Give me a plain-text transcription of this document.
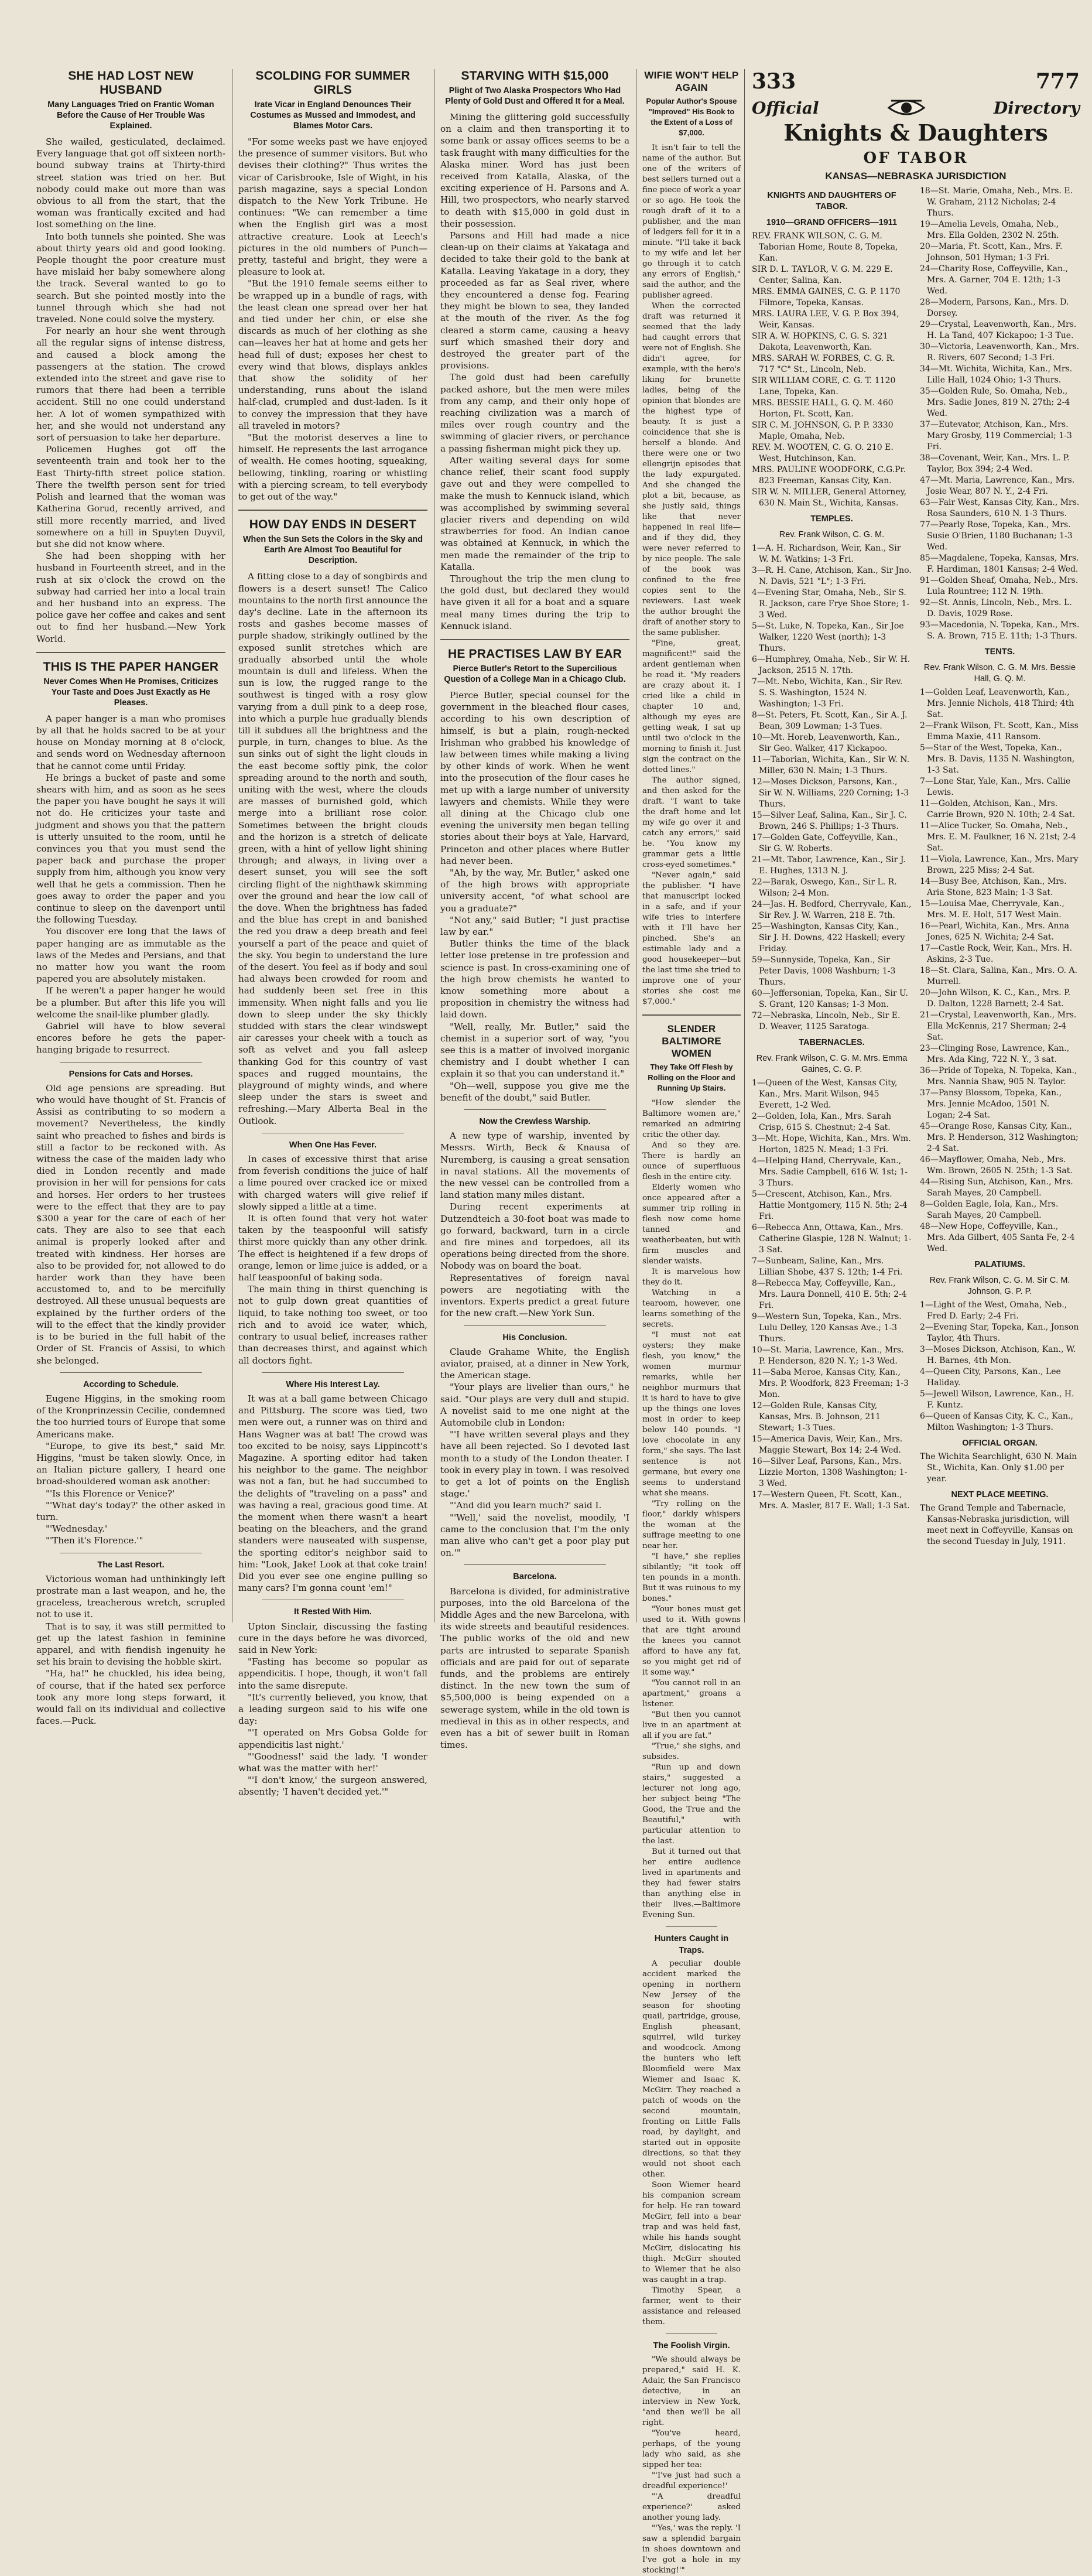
SHE HAD LOST NEW HUSBAND
Many Languages Tried on Frantic Woman Before the Cause of Her Trouble Was Explained.

She wailed, gesticulated, declaimed. Every language that got off sixteen north-bound subway trains at Thirty-third street station was tried on her. But nobody could make out more than was obvious to all from the start, that the woman was frantically excited and had lost something on the line.

Into both tunnels she pointed. She was about thirty years old and good looking. People thought the poor creature must have mislaid her baby somewhere along the track. Several wanted to go to search. But she pointed mostly into the tunnel through which she had not traveled. None could solve the mystery.

For nearly an hour she went through all the regular signs of intense distress, and caused a block among the passengers at the station. The crowd extended into the street and gave rise to rumors that there had been a terrible accident. Still no one could understand her. A lot of women sympathized with her, and she would not understand any sort of persuasion to take her departure.

Policemen Hughes got off the seventeenth train and took her to the East Thirty-fifth street police station. There the twelfth person sent for tried Polish and learned that the woman was Katherina Gorud, recently arrived, and still more recently married, and lived somewhere on a hill in Spuyten Duyvil, but she did not know where.

She had been shopping with her husband in Fourteenth street, and in the rush at six o'clock the crowd on the subway had carried her into a local train and her husband into an express. The police gave her coffee and cakes and sent out to find her husband.—New York World.

THIS IS THE PAPER HANGER
Never Comes When He Promises, Criticizes Your Taste and Does Just Exactly as He Pleases.

A paper hanger is a man who promises by all that he holds sacred to be at your house on Monday morning at 8 o'clock, and sends word on Wednesday afternoon that he cannot come until Friday.

He brings a bucket of paste and some shears with him, and as soon as he sees the paper you have bought he says it will not do. He criticizes your taste and judgment and shows you that the pattern is utterly unsuited to the room, until he convinces you that you must send the paper back and purchase the proper supply from him, although you know very well that he gets a commission. Then he goes away to order the paper and you continue to sleep on the davenport until the following Tuesday.

You discover ere long that the laws of paper hanging are as immutable as the laws of the Medes and Persians, and that no matter how you want the room papered you are absolutely mistaken.

If he weren't a paper hanger he would be a plumber. But after this life you will welcome the snail-like plumber gladly.

Gabriel will have to blow several encores before he gets the paper-hanging brigade to resurrect.

Pensions for Cats and Horses.

Old age pensions are spreading. But who would have thought of St. Francis of Assisi as contributing to so modern a movement? Nevertheless, the kindly saint who preached to fishes and birds is still a factor to be reckoned with. As witness the case of the maiden lady who died in London recently and made provision in her will for pensions for cats and horses. Her orders to her trustees were to the effect that they are to pay $300 a year for the care of each of her cats. They are also to see that each animal is properly looked after and treated with kindness. Her horses are also to be provided for, not allowed to do harder work than they have been accustomed to, and to be mercifully destroyed. All these unusual bequests are explained by the further orders of the will to the effect that the kindly provider is to be buried in the full habit of the Order of St. Francis of Assisi, to which she belonged.

According to Schedule.

Eugene Higgins, in the smoking room of the Kronprinzessin Cecilie, condemned the too hurried tours of Europe that some Americans make.

"Europe, to give its best," said Mr. Higgins, "must be taken slowly. Once, in an Italian picture gallery, I heard one broad-shouldered woman ask another:

"'Is this Florence or Venice?'

"'What day's today?' the other asked in turn.

"'Wednesday.'

"'Then it's Florence.'"

The Last Resort.

Victorious woman had unthinkingly left prostrate man a last weapon, and he, the graceless, treacherous wretch, scrupled not to use it.

That is to say, it was still permitted to get up the latest fashion in feminine apparel, and with fiendish ingenuity he set his brain to devising the hobble skirt.

"Ha, ha!" he chuckled, his idea being, of course, that if the hated sex perforce took any more long steps forward, it would fall on its individual and collective faces.—Puck.

SCOLDING FOR SUMMER GIRLS
Irate Vicar in England Denounces Their Costumes as Mussed and Immodest, and Blames Motor Cars.

"For some weeks past we have enjoyed the presence of summer visitors. But who devises their clothing?" Thus writes the vicar of Carisbrooke, Isle of Wight, in his parish magazine, says a special London dispatch to the New York Tribune. He continues: "We can remember a time when the English girl was a most attractive creature. Look at Leech's pictures in the old numbers of Punch—pretty, tasteful and bright, they were a pleasure to look at.

"But the 1910 female seems either to be wrapped up in a bundle of rags, with the least clean one spread over her hat and tied under her chin, or else she discards as much of her clothing as she can—leaves her hat at home and gets her head full of dust; exposes her chest to every wind that blows, displays ankles that show the solidity of her understanding, runs about the island half-clad, crumpled and dust-laden. Is it to convey the impression that they have all traveled in motors?

"But the motorist deserves a line to himself. He represents the last arrogance of wealth. He comes hooting, squeaking, bellowing, tinkling, roaring or whistling with a piercing scream, to tell everybody to get out of the way."

HOW DAY ENDS IN DESERT
When the Sun Sets the Colors in the Sky and Earth Are Almost Too Beautiful for Description.

A fitting close to a day of songbirds and flowers is a desert sunset! The Calico mountains to the north first announce the day's decline. Late in the afternoon its rosts and gashes become masses of purple shadow, strikingly outlined by the exposed sunlit stretches which are gradually absorbed until the whole mountain is dull and lifeless. When the sun is low, the rugged range to the southwest is tinged with a rosy glow varying from a dull pink to a deep rose, into which a purple hue gradually blends till it subdues all the brightness and the purple, in turn, changes to blue. As the sun sinks out of sight the light clouds in the east become softly pink, the color spreading around to the north and south, uniting with the west, where the clouds are masses of burnished gold, which merge into a brilliant rose color. Sometimes between the bright clouds and the horizon is a stretch of delicate green, with a hint of yellow light shining through; and always, in living over a desert sunset, you will see the soft circling flight of the nighthawk skimming over the ground and hear the low call of the dove. When the brightness has faded and the blue has crept in and banished the red you draw a deep breath and feel yourself a part of the peace and quiet of the sky. You begin to understand the lure of the desert. You feel as if body and soul had always been crowded for room and had suddenly been set free in this immensity. When night falls and you lie down to sleep under the sky thickly studded with stars the clear windswept air caresses your cheek with a touch as soft as velvet and you fall asleep thanking God for this country of vast spaces and rugged mountains, the playground of mighty winds, and where sleep under the stars is sweet and refreshing.—Mary Alberta Beal in the Outlook.

When One Has Fever.

In cases of excessive thirst that arise from feverish conditions the juice of half a lime poured over cracked ice or mixed with charged waters will give relief if slowly sipped a little at a time.

It is often found that very hot water taken by the teaspoonful will satisfy thirst more quickly than any other drink. The effect is heightened if a few drops of orange, lemon or lime juice is added, or a half teaspoonful of baking soda.

The main thing in thirst quenching is not to gulp down great quantities of liquid, to take nothing too sweet, or too rich and to avoid ice water, which, contrary to usual belief, increases rather than decreases thirst, and against which all doctors fight.

Where His Interest Lay.

It was at a ball game between Chicago and Pittsburg. The score was tied, two men were out, a runner was on third and Hans Wagner was at bat! The crowd was too excited to be noisy, says Lippincott's Magazine. A sporting editor had taken his neighbor to the game. The neighbor was not a fan, but he had succumbed to the delights of "traveling on a pass" and was having a real, gracious good time. At the moment when there wasn't a heart beating on the bleachers, and the grand standers were nauseated with suspense, the sporting editor's neighbor said to him: "Look, Jake! Look at that coke train! Did you ever see one engine pulling so many cars? I'm gonna count 'em!"

It Rested With Him.

Upton Sinclair, discussing the fasting cure in the days before he was divorced, said in New York:

"Fasting has become so popular as appendicitis. I hope, though, it won't fall into the same disrepute.

"It's currently believed, you know, that a leading surgeon said to his wife one day:

"'I operated on Mrs Gobsa Golde for appendicitis last night.'

"'Goodness!' said the lady. 'I wonder what was the matter with her!'

"'I don't know,' the surgeon answered, absently; 'I haven't decided yet.'"

STARVING WITH $15,000
Plight of Two Alaska Prospectors Who Had Plenty of Gold Dust and Offered It for a Meal.

Mining the glittering gold successfully on a claim and then transporting it to some bank or assay offices seems to be a task fraught with many difficulties for the Alaska miner. Word has just been received from Katalla, Alaska, of the exciting experience of H. Parsons and A. Hill, two prospectors, who nearly starved to death with $15,000 in gold dust in their possession.

Parsons and Hill had made a nice clean-up on their claims at Yakataga and decided to take their gold to the bank at Katalla. Leaving Yakatage in a dory, they proceeded as far as Seal river, where they encountered a dense fog. Fearing they might be blown to sea, they landed at the mouth of the river. As the fog cleared a storm came, causing a heavy surf which smashed their dory and destroyed the greater part of the provisions.

The gold dust had been carefully packed ashore, but the men were miles from any camp, and their only hope of reaching civilization was a march of miles over rough country and the swimming of glacier rivers, or perchance a passing fisherman might pick they up.

After waiting several days for some chance relief, their scant food supply gave out and they were compelled to make the mush to Kennuck island, which was accomplished by swimming several glacier rivers and depending on wild strawberries for food. An Indian canoe was obtained at Kennuck, in which the men made the remainder of the trip to Katalla.

Throughout the trip the men clung to the gold dust, but declared they would have given it all for a boat and a square meal many times during the trip to Kennuck island.

HE PRACTISES LAW BY EAR
Pierce Butler's Retort to the Supercilious Question of a College Man in a Chicago Club.

Pierce Butler, special counsel for the government in the bleached flour cases, according to his own description of himself, is but a plain, rough-necked Irishman who grabbed his knowledge of law between times while making a living by other kinds of work. When he went into the prosecution of the flour cases he met up with a large number of university lawyers and chemists. While they were all dining at the Chicago club one evening the university men began telling stories about their boys at Yale, Harvard, Princeton and other places where Butler had never been.

"Ah, by the way, Mr. Butler," asked one of the high brows with appropriate university accent, "of what school are you a graduate?"

"Not any," said Butler; "I just practise law by ear."

Butler thinks the time of the black letter lose pretense in tre profession and science is past. In cross-examining one of the high brow chemists he wanted to know something more about a proposition in chemistry the witness had laid down.

"Well, really, Mr. Butler," said the chemist in a superior sort of way, "you see this is a matter of involved inorganic chemistry and I doubt whether I can explain it so that you can understand it."

"Oh—well, suppose you give me the benefit of the doubt," said Butler.

Now the Crewless Warship.

A new type of warship, invented by Messrs. Wirth, Beck & Knausa of Nuremberg, is causing a great sensation in naval stations. All the movements of the new vessel can be controlled from a land station many miles distant.

During recent experiments at Dutzendteich a 30-foot boat was made to go forward, backward, turn in a circle and fire mines and torpedoes, all its operations being directed from the shore. Nobody was on board the boat.

Representatives of foreign naval powers are negotiating with the inventors. Experts predict a great future for the new craft.—New York Sun.

His Conclusion.

Claude Grahame White, the English aviator, praised, at a dinner in New York, the American stage.

"Your plays are livelier than ours," he said. "Our plays are very dull and stupid. A novelist said to me one night at the Automobile club in London:

"'I have written several plays and they have all been rejected. So I devoted last month to a study of the London theater. I took in every play in town. I was resolved to get a lot of points on the English stage.'

"'And did you learn much?' said I.

"'Well,' said the novelist, moodily, 'I came to the conclusion that I'm the only man alive who can't get a poor play put on.'"

Barcelona.

Barcelona is divided, for administrative purposes, into the old Barcelona of the Middle Ages and the new Barcelona, with its wide streets and beautiful residences. The public works of the old and new parts are intrusted to separate Spanish officials and are paid for out of separate funds, and the problems are entirely distinct. In the new town the sum of $5,500,000 is being expended on a sewerage system, while in the old town is medieval in this as in other respects, and even has a bit of sewer built in Roman times.

WIFIE WON'T HELP AGAIN
Popular Author's Spouse "Improved" His Book to the Extent of a Loss of $7,000.

It isn't fair to tell the name of the author. But one of the writers of best sellers turned out a fine piece of work a year or so ago. He took the rough draft of it to a publisher, and the man of ledgers fell for it in a minute. "I'll take it back to my wife and let her go through it to catch any errors of English," said the author, and the publisher agreed.

When the corrected draft was returned it seemed that the lady had caught errors that were not of English. She didn't agree, for example, with the hero's liking for brunette ladies, being of the opinion that blondes are the highest type of beauty. It is just a coincidence that she is herself a blonde. And there were one or two ellengrijn episodes that the lady expurgated. And she changed the plot a bit, because, as she justly said, things like that never happened in real life—and if they did, they were never referred to by nice people. The sale of the book was confined to the free copies sent to the reviewers. Last week the author brought the draft of another story to the same publisher.

"Fine, great, magnificent!" said the ardent gentleman when he read it. "My readers are crazy about it. I cried like a child in chapter 10 and, although my eyes are getting weak, I sat up until two o'clock in the morning to finish it. Just sign the contract on the dotted lines."

The author signed, and then asked for the draft. "I want to take the draft home and let my wife go over it and catch any errors," said he. "You know my grammar gets a little cross-eyed sometimes."

"Never again," said the publisher. "I have that manuscript locked in a safe, and if your wife tries to interfere with it I'll have her pinched. She's an estimable lady and a good housekeeper—but the last time she tried to improve one of your stories she cost me $7,000."

SLENDER BALTIMORE WOMEN
They Take Off Flesh by Rolling on the Floor and Running Up Stairs.

"How slender the Baltimore women are," remarked an admiring critic the other day.

And so they are. There is hardly an ounce of superfluous flesh in the entire city.

Elderly women who once appeared after a summer trip rolling in flesh now come home tanned and weatherbeaten, but with firm muscles and slender waists.

It is marvelous how they do it.

Watching in a tearoom, however, one learns something of the secrets.

"I must not eat oysters; they make flesh, you know," the women murmur remarks, while her neighbor murmurs that it is hard to have to give up the things one loves most in order to keep below 140 pounds. "I love chocolate in any form," she says. The last sentence is not germane, but every one seems to understand what she means.

"Try rolling on the floor," darkly whispers the woman at the suffrage meeting to one near her.

"I have," she replies sibilantly; "it took off ten pounds in a month. But it was ruinous to my bones."

"Your bones must get used to it. With gowns that are tight around the knees you cannot afford to have any fat, so you might get rid of it some way."

"You cannot roll in an apartment," groans a listener.

"But then you cannot live in an apartment at all if you are fat."

"True," she sighs, and subsides.

"Run up and down stairs," suggested a lecturer not long ago, her subject being "The Good, the True and the Beautiful," with particular attention to the last.

But it turned out that her entire audience lived in apartments and they had fewer stairs than anything else in their lives.—Baltimore Evening Sun.

Hunters Caught in Traps.

A peculiar double accident marked the opening in northern New Jersey of the season for shooting quail, partridge, grouse, English pheasant, squirrel, wild turkey and woodcock. Among the hunters who left Bloomfield were Max Wiemer and Isaac K. McGirr. They reached a patch of woods on the second mountain, fronting on Little Falls road, by daylight, and started out in opposite directions, so that they would not shoot each other.

Soon Wiemer heard his companion scream for help. He ran toward McGirr, fell into a bear trap and was held fast, while his hands sought McGirr, dislocating his thigh. McGirr shouted to Wiemer that he also was caught in a trap.

Timothy Spear, a farmer, went to their assistance and released them.

The Foolish Virgin.

"We should always be prepared," said H. K. Adair, the San Francisco detective, in an interview in New York, "and then we'll be all right.

"You've heard, perhaps, of the young lady who said, as she sipped her tea:

"'I've just had such a dreadful experience!'

"'A dreadful experience?' asked another young lady.

"'Yes,' was the reply. 'I saw a splendid bargain in shoes downtown and I've got a hole in my stocking!'"

333	777
Official	Directory
Knights & Daughters
OF TABOR
KANSAS—NEBRASKA JURISDICTION
KNIGHTS AND DAUGHTERS OF TABOR.
1910—GRAND OFFICERS—1911
REV. FRANK WILSON, C. G. M. Taborian Home, Route 8, Topeka, Kan.
SIR D. L. TAYLOR, V. G. M. 229 E. Center, Salina, Kan.
MRS. EMMA GAINES, C. G. P. 1170 Filmore, Topeka, Kansas.
MRS. LAURA LEE, V. G. P. Box 394, Weir, Kansas.
SIR A. W. HOPKINS, C. G. S. 321 Dakota, Leavenworth, Kan.
MRS. SARAH W. FORBES, C. G. R. 717 "C" St., Lincoln, Neb.
SIR WILLIAM CORE, C. G. T. 1120 Lane, Topeka, Kan.
MRS. BESSIE HALL, G. Q. M. 460 Horton, Ft. Scott, Kan.
SIR C. M. JOHNSON, G. P. P. 3330 Maple, Omaha, Neb.
REV. M. WOOTEN, C. G. O. 210 E. West, Hutchinson, Kan.
MRS. PAULINE WOODFORK, C.G.Pr. 823 Freeman, Kansas City, Kan.
SIR W. N. MILLER, General Attorney, 630 N. Main St., Wichita, Kansas.
TEMPLES.
Rev. Frank Wilson, C. G. M.
1—A. H. Richardson, Weir, Kan., Sir W. M. Watkins; 1-3 Fri.
3—R. H. Cane, Atchison, Kan., Sir Jno. N. Davis, 521 "L"; 1-3 Fri.
4—Evening Star, Omaha, Neb., Sir S. R. Jackson, care Frye Shoe Store; 1-3 Wed.
5—St. Luke, N. Topeka, Kan., Sir Joe Walker, 1220 West (north); 1-3 Thurs.
6—Humphrey, Omaha, Neb., Sir W. H. Jackson, 2515 N. 17th.
7—Mt. Nebo, Wichita, Kan., Sir Rev. S. S. Washington, 1524 N. Washington; 1-3 Fri.
8—St. Peters, Ft. Scott, Kan., Sir A. J. Bean, 309 Lowman; 1-3 Tues.
10—Mt. Horeb, Leavenworth, Kan., Sir Geo. Walker, 417 Kickapoo.
11—Taborian, Wichita, Kan., Sir W. N. Miller, 630 N. Main; 1-3 Thurs.
12—Moses Dickson, Parsons, Kan., Sir W. N. Williams, 220 Corning; 1-3 Thurs.
15—Silver Leaf, Salina, Kan., Sir J. C. Brown, 246 S. Phillips; 1-3 Thurs.
17—Golden Gate, Coffeyville, Kan., Sir G. W. Roberts.
21—Mt. Tabor, Lawrence, Kan., Sir J. E. Hughes, 1313 N. J.
22—Barak, Oswego, Kan., Sir L. R. Wilson; 2-4 Mon.
24—Jas. H. Bedford, Cherryvale, Kan., Sir Rev. J. W. Warren, 218 E. 7th.
25—Washington, Kansas City, Kan., Sir J. H. Downs, 422 Haskell; every Friday.
59—Sunnyside, Topeka, Kan., Sir Peter Davis, 1008 Washburn; 1-3 Thurs.
60—Jeffersonian, Topeka, Kan., Sir U. S. Grant, 120 Kansas; 1-3 Mon.
72—Nebraska, Lincoln, Neb., Sir E. D. Weaver, 1125 Saratoga.
TABERNACLES.
Rev. Frank Wilson, C. G. M. Mrs. Emma Gaines, C. G. P.
1—Queen of the West, Kansas City, Kan., Mrs. Marit Wilson, 945 Everett, 1-2 Wed.
2—Golden, Iola, Kan., Mrs. Sarah Crisp, 615 S. Chestnut; 2-4 Sat.
3—Mt. Hope, Wichita, Kan., Mrs. Wm. Horton, 1825 N. Mead; 1-3 Fri.
4—Helping Hand, Cherryvale, Kan., Mrs. Sadie Campbell, 616 W. 1st; 1-3 Thurs.
5—Crescent, Atchison, Kan., Mrs. Hattie Montgomery, 115 N. 5th; 2-4 Fri.
6—Rebecca Ann, Ottawa, Kan., Mrs. Catherine Glaspie, 128 N. Walnut; 1-3 Sat.
7—Sunbeam, Saline, Kan., Mrs. Lillian Shobe, 437 S. 12th; 1-4 Fri.
8—Rebecca May, Coffeyville, Kan., Mrs. Laura Donnell, 410 E. 5th; 2-4 Fri.
9—Western Sun, Topeka, Kan., Mrs. Lulu Delley, 120 Kansas Ave.; 1-3 Thurs.
10—St. Maria, Lawrence, Kan., Mrs. P. Henderson, 820 N. Y.; 1-3 Wed.
11—Saba Meroe, Kansas City, Kan., Mrs. P. Woodfork, 823 Freeman; 1-3 Mon.
12—Golden Rule, Kansas City, Kansas, Mrs. B. Johnson, 211 Stewart; 1-3 Tues.
15—America Davis, Weir, Kan., Mrs. Maggie Stewart, Box 14; 2-4 Wed.
16—Silver Leaf, Parsons, Kan., Mrs. Lizzie Morton, 1308 Washington; 1-3 Wed.
17—Western Queen, Ft. Scott, Kan., Mrs. A. Masler, 817 E. Wall; 1-3 Sat.
18—St. Marie, Omaha, Neb., Mrs. E. W. Graham, 2112 Nicholas; 2-4 Thurs.
19—Amelia Levels, Omaha, Neb., Mrs. Ella Golden, 2302 N. 25th.
20—Maria, Ft. Scott, Kan., Mrs. F. Johnson, 501 Hyman; 1-3 Fri.
24—Charity Rose, Coffeyville, Kan., Mrs. A. Garner, 704 E. 12th; 1-3 Wed.
28—Modern, Parsons, Kan., Mrs. D. Dorsey.
29—Crystal, Leavenworth, Kan., Mrs. H. La Tand, 407 Kickapoo; 1-3 Tue.
30—Victoria, Leavenworth, Kan., Mrs. R. Rivers, 607 Second; 1-3 Fri.
34—Mt. Wichita, Wichita, Kan., Mrs. Lille Hall, 1024 Ohio; 1-3 Thurs.
35—Golden Rule, So. Omaha, Neb., Mrs. Sadie Jones, 819 N. 27th; 2-4 Wed.
37—Eutevator, Atchison, Kan., Mrs. Mary Grosby, 119 Commercial; 1-3 Fri.
38—Covenant, Weir, Kan., Mrs. L. P. Taylor, Box 394; 2-4 Wed.
47—Mt. Maria, Lawrence, Kan., Mrs. Josie Wear, 807 N. Y., 2-4 Fri.
63—Fair West, Kansas City, Kan., Mrs. Rosa Saunders, 610 N. 1-3 Thurs.
77—Pearly Rose, Topeka, Kan., Mrs. Susie O'Brien, 1180 Buchanan; 1-3 Wed.
85—Magdalene, Topeka, Kansas, Mrs. F. Hardiman, 1801 Kansas; 2-4 Wed.
91—Golden Sheaf, Omaha, Neb., Mrs. Lula Rountree; 112 N. 19th.
92—St. Annis, Lincoln, Neb., Mrs. L. D. Davis, 1029 Rose.
93—Macedonia, N. Topeka, Kan., Mrs. S. A. Brown, 715 E. 11th; 1-3 Thurs.
TENTS.
Rev. Frank Wilson, C. G. M. Mrs. Bessie Hall, G. Q. M.
1—Golden Leaf, Leavenworth, Kan., Mrs. Jennie Nichols, 418 Third; 4th Sat.
2—Frank Wilson, Ft. Scott, Kan., Miss Emma Maxie, 411 Ransom.
5—Star of the West, Topeka, Kan., Mrs. B. Davis, 1135 N. Washington, 1-3 Sat.
7—Lone Star, Yale, Kan., Mrs. Callie Lewis.
11—Golden, Atchison, Kan., Mrs. Carrie Brown, 920 N. 10th; 2-4 Sat.
11—Alice Tucker, So. Omaha, Neb., Mrs. E. M. Faulkner, 16 N. 21st; 2-4 Sat.
11—Viola, Lawrence, Kan., Mrs. Mary Brown, 225 Miss; 2-4 Sat.
14—Busy Bee, Atchison, Kan., Mrs. Aria Stone, 823 Main; 1-3 Sat.
15—Louisa Mae, Cherryvale, Kan., Mrs. M. E. Holt, 517 West Main.
16—Pearl, Wichita, Kan., Mrs. Anna Jones, 625 N. Wichita; 2-4 Sat.
17—Castle Rock, Weir, Kan., Mrs. H. Askins, 2-3 Tue.
18—St. Clara, Salina, Kan., Mrs. O. A. Murrell.
20—John Wilson, K. C., Kan., Mrs. P. D. Dalton, 1228 Barnett; 2-4 Sat.
21—Crystal, Leavenworth, Kan., Mrs. Ella McKennis, 217 Sherman; 2-4 Sat.
23—Clinging Rose, Lawrence, Kan., Mrs. Ada King, 722 N. Y., 3 sat.
36—Pride of Topeka, N. Topeka, Kan., Mrs. Nannia Shaw, 905 N. Taylor.
37—Pansy Blossom, Topeka, Kan., Mrs. Jennie McAdoo, 1501 N. Logan; 2-4 Sat.
45—Orange Rose, Kansas City, Kan., Mrs. P. Henderson, 312 Washington; 2-4 Sat.
46—Mayflower, Omaha, Neb., Mrs. Wm. Brown, 2605 N. 25th; 1-3 Sat.
44—Rising Sun, Atchison, Kan., Mrs. Sarah Mayes, 20 Campbell.
8—Golden Eagle, Iola, Kan., Mrs. Sarah Mayes, 20 Campbell.
48—New Hope, Coffeyville, Kan., Mrs. Ada Gilbert, 405 Santa Fe, 2-4 Wed.
PALATIUMS.
Rev. Frank Wilson, C. G. M. Sir C. M. Johnson, G. P. P.
1—Light of the West, Omaha, Neb., Fred D. Early; 2-4 Fri.
2—Evening Star, Topeka, Kan., Jonson Taylor, 4th Thurs.
3—Moses Dickson, Atchison, Kan., W. H. Barnes, 4th Mon.
4—Queen City, Parsons, Kan., Lee Haliday.
5—Jewell Wilson, Lawrence, Kan., H. F. Kuntz.
6—Queen of Kansas City, K. C., Kan., Milton Washington; 1-3 Thurs.
OFFICIAL ORGAN.
The Wichita Searchlight, 630 N. Main St., Wichita, Kan. Only $1.00 per year.
NEXT PLACE MEETING.
The Grand Temple and Tabernacle, Kansas-Nebraska jurisdiction, will meet next in Coffeyville, Kansas on the second Tuesday in July, 1911.
